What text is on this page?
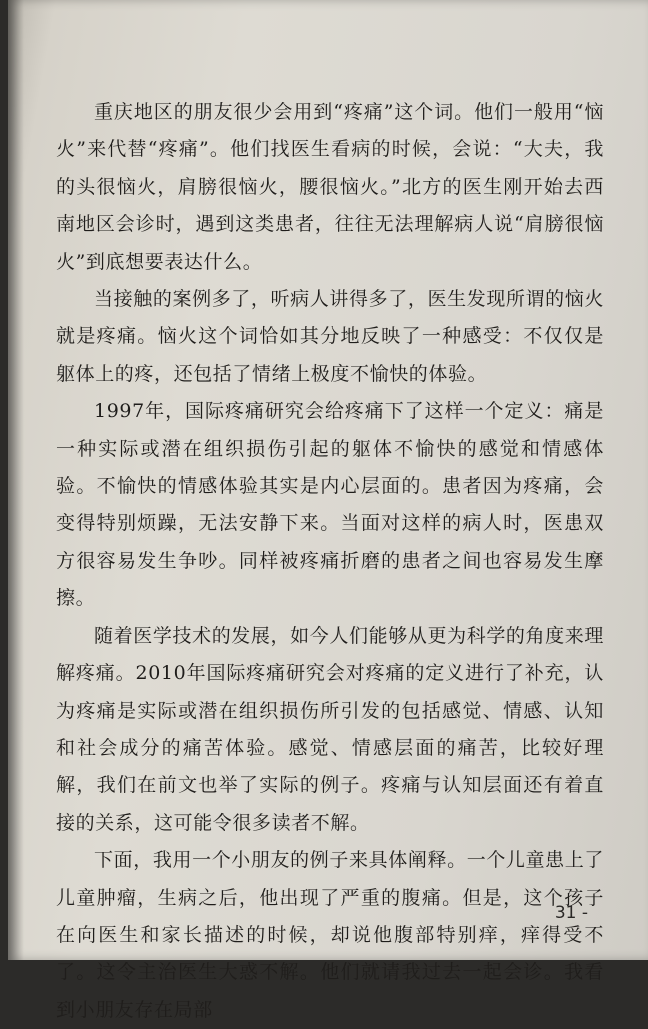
重庆地区的朋友很少会用到“疼痛”这个词。他们一般用“恼火”来代替“疼痛”。他们找医生看病的时候，会说：“大夫，我的头很恼火，肩膀很恼火，腰很恼火。”北方的医生刚开始去西南地区会诊时，遇到这类患者，往往无法理解病人说“肩膀很恼火”到底想要表达什么。

当接触的案例多了，听病人讲得多了，医生发现所谓的恼火就是疼痛。恼火这个词恰如其分地反映了一种感受：不仅仅是躯体上的疼，还包括了情绪上极度不愉快的体验。

1997年，国际疼痛研究会给疼痛下了这样一个定义：痛是一种实际或潜在组织损伤引起的躯体不愉快的感觉和情感体验。不愉快的情感体验其实是内心层面的。患者因为疼痛，会变得特别烦躁，无法安静下来。当面对这样的病人时，医患双方很容易发生争吵。同样被疼痛折磨的患者之间也容易发生摩擦。

随着医学技术的发展，如今人们能够从更为科学的角度来理解疼痛。2010年国际疼痛研究会对疼痛的定义进行了补充，认为疼痛是实际或潜在组织损伤所引发的包括感觉、情感、认知和社会成分的痛苦体验。感觉、情感层面的痛苦，比较好理解，我们在前文也举了实际的例子。疼痛与认知层面还有着直接的关系，这可能令很多读者不解。

下面，我用一个小朋友的例子来具体阐释。一个儿童患上了儿童肿瘤，生病之后，他出现了严重的腹痛。但是，这个孩子在向医生和家长描述的时候，却说他腹部特别痒，痒得受不了。这令主治医生大惑不解。他们就请我过去一起会诊。我看到小朋友存在局部

31 -
